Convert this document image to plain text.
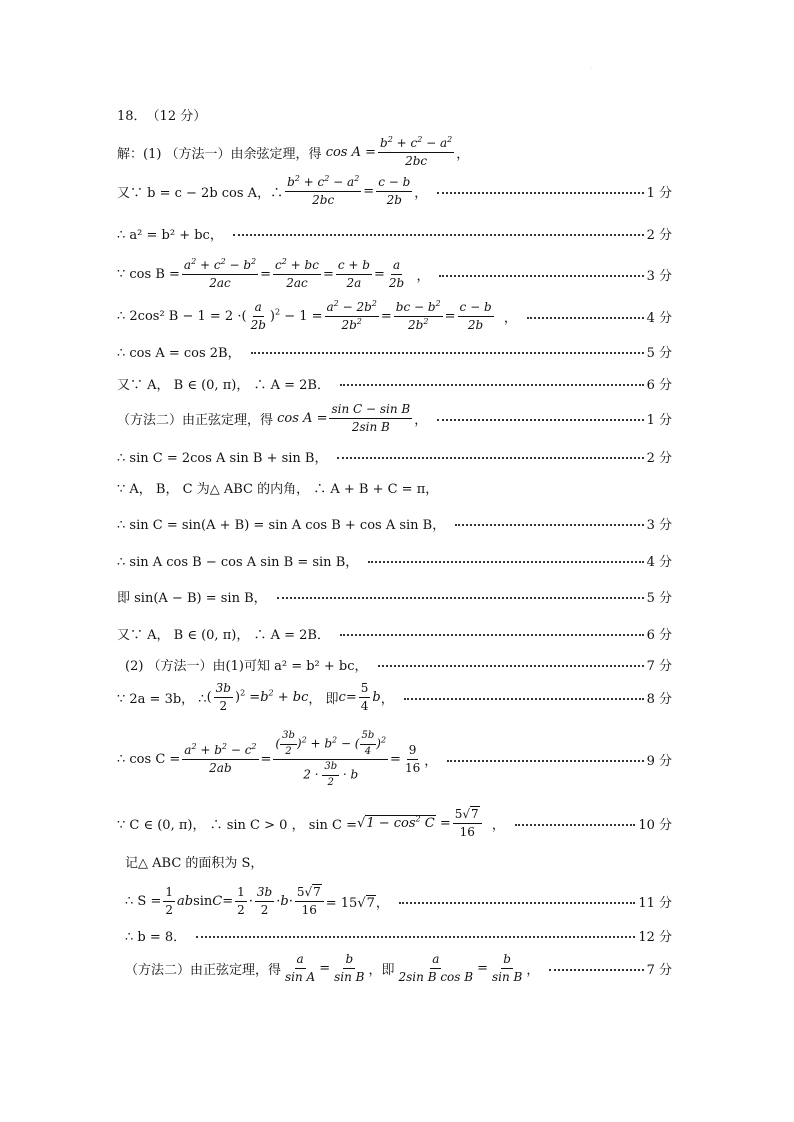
·
18． （12 分）
解：(1) （方法一）由余弦定理，得 $\cos A = \frac{b^2 + c^2 - a^2}{2bc}$ ，
又∵ b = c − 2b cos A，∴ $\frac{b^2 + c^2 - a^2}{2bc} = \frac{c - b}{2b}$ ，	1 分
∴ a² = b² + bc，	2 分
∵ $\cos B = \frac{a^2 + c^2 - b^2}{2ac} = \frac{c^2 + bc}{2ac} = \frac{c + b}{2a} = \frac{a}{2b}$ ，	3 分
∴ 2cos² B − 1 = 2 · ( $\frac{a}{2b} )^2 - 1 = \frac{a^2 - 2b^2}{2b^2} = \frac{bc - b^2}{2b^2} = \frac{c - b}{2b}$ ，	4 分
∴ cos A = cos 2B，	5 分
又∵ A， B ∈ (0, π)， ∴ A = 2B．	6 分
（方法二）由正弦定理，得 $\cos A = \frac{\text{sin C − sin B}}{\text{2sin B}}$ ，	1 分
∴ sin C = 2cos A sin B + sin B，	2 分
∵ A， B， C 为△ ABC 的内角， ∴ A + B + C = π，
∴ sin C = sin(A + B) = sin A cos B + cos A sin B，	3 分
∴ sin A cos B − cos A sin B = sin B，	4 分
即 sin(A − B) = sin B，	5 分
又∵ A， B ∈ (0, π)， ∴ A = 2B．	6 分
(2) （方法一）由(1)可知 a² = b² + bc，	7 分
∵ 2a = 3b， ∴ ( $\frac{3b}{2} )^2 = b^2$ + bc ， 即 $c = \frac{5}{4}$ b ，	8 分
∴ $\cos C = \frac{a^2 + b^2 - c^2}{2ab} = \frac{( \frac{3b}{2} )^2 + b^2 - ( \frac{5b}{4} )^2}{2 \cdot \frac{3b}{2} \cdot b} = \frac{9}{16}$ ，	9 分
∵ C ∈ (0, π)， ∴ sin C > 0 ， $\sin C = √1 - \cos^2 C = \frac{5√7}{16}$ ，	10 分
记△ ABC 的面积为 S，
∴ $S = \frac{1}{2}$ ab $\sin C = \frac{1}{2} \cdot \frac{3b}{2} \cdot b \cdot \frac{5√7}{16} = 15√7$，	11 分
∴ b = 8．	12 分
（方法二）由正弦定理，得 $\frac{a}{\text{sin A}} = \frac{b}{\text{sin B}}$ ，即 $\frac{a}{\text{2sin B cos B}} = \frac{b}{\text{sin B}}$ ，	7 分
